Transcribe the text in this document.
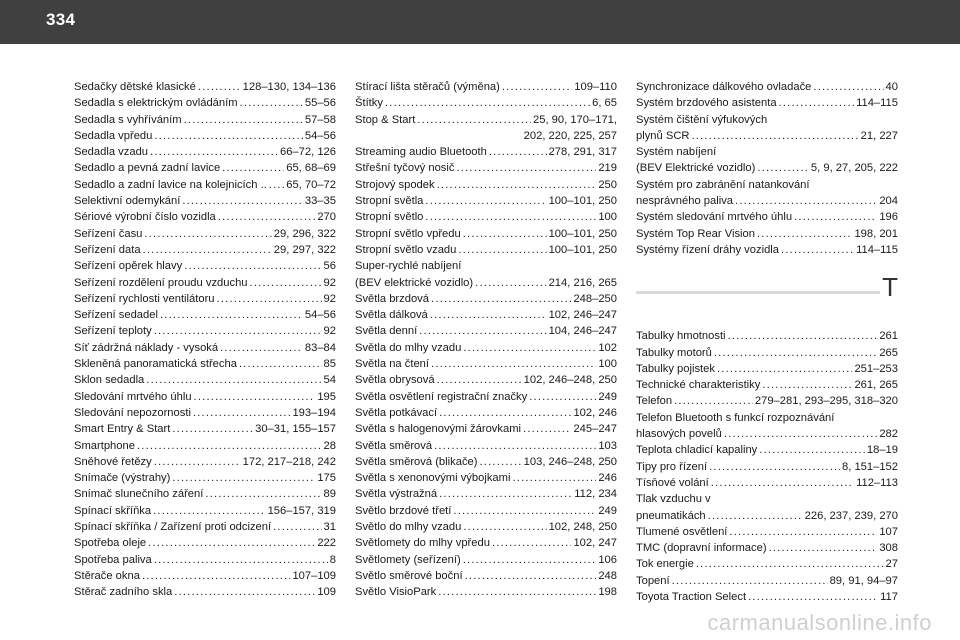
334
Sedačky dětské klasické .....	128–130, 134–136
Sedadla s elektrickým ovládáním .....	55–56
Sedadla s vyhříváním .....	57–58
Sedadla vpředu .....	54–56
Sedadla vzadu .....	66–72, 126
Sedadlo a pevná zadní lavice .....	65, 68–69
Sedadlo a zadní lavice na kolejnicích .. ..... 65, 70–72
Selektivní odemykání .....	33–35
Sériové výrobní číslo vozidla .....	270
Seřízení času .....	29, 296, 322
Seřízení data .....	29, 297, 322
Seřízení opěrek hlavy .....	56
Seřízení rozdělení proudu vzduchu .....	92
Seřízení rychlosti ventilátoru .....	92
Seřízení sedadel .....	54–56
Seřízení teploty .....	92
Síť zádržná náklady - vysoká .....	83–84
Skleněná panoramatická střecha .....	85
Sklon sedadla .....	54
Sledování mrtvého úhlu .....	195
Sledování nepozornosti .....	193–194
Smart Entry & Start .....	30–31, 155–157
Smartphone .....	28
Sněhové řetězy .....	172, 217–218, 242
Snímače (výstrahy) .....	175
Snímač slunečního záření .....	89
Spínací skříňka .....	156–157, 319
Spínací skříňka / Zařízení proti odcizení .....	31
Spotřeba oleje .....	222
Spotřeba paliva .....	8
Stěrače okna .....	107–109
Stěrač zadního skla .....	109
Stírací lišta stěračů (výměna) .....	109–110
Štítky .....	6, 65
Stop & Start .....	25, 90, 170–171,
202, 220, 225, 257
Streaming audio Bluetooth .....	278, 291, 317
Střešní tyčový nosič .....	219
Strojový spodek .....	250
Stropní světla .....	100–101, 250
Stropní světlo .....	100
Stropní světlo vpředu .....	100–101, 250
Stropní světlo vzadu .....	100–101, 250
Super-rychlé nabíjení
(BEV elektrické vozidlo) .....	214, 216, 265
Světla brzdová .....	248–250
Světla dálková .....	102, 246–247
Světla denní .....	104, 246–247
Světla do mlhy vzadu .....	102
Světla na čtení .....	100
Světla obrysová .....	102, 246–248, 250
Světla osvětlení registrační značky .....	249
Světla potkávací .....	102, 246
Světla s halogenovými žárovkami .....	245–247
Světla směrová .....	103
Světla směrová (blikače) .....	103, 246–248, 250
Světla s xenonovými výbojkami .....	246
Světla výstražná .....	112, 234
Světlo brzdové třetí .....	249
Světlo do mlhy vzadu .....	102, 248, 250
Světlomety do mlhy vpředu .....	102, 247
Světlomety (seřízení) .....	106
Světlo směrové boční .....	248
Světlo VisioPark .....	198
Synchronizace dálkového ovladače .....	40
Systém brzdového asistenta .....	114–115
Systém čištění výfukových
plynů SCR .....	21, 227
Systém nabíjení
(BEV Elektrické vozidlo) .....	5, 9, 27, 205, 222
Systém pro zabránění natankování
nesprávného paliva .....	204
Systém sledování mrtvého úhlu .....	196
Systém Top Rear Vision .....	198, 201
Systémy řízení dráhy vozidla .....	114–115
T
Tabulky hmotnosti .....	261
Tabulky motorů .....	265
Tabulky pojistek .....	251–253
Technické charakteristiky .....	261, 265
Telefon .....	279–281, 293–295, 318–320
Telefon Bluetooth s funkcí rozpoznávání
hlasových povelů .....	282
Teplota chladicí kapaliny .....	18–19
Tipy pro řízení .....	8, 151–152
Tísňové volání .....	112–113
Tlak vzduchu v
pneumatikách .....	226, 237, 239, 270
Tlumené osvětlení .....	107
TMC (dopravní informace) .....	308
Tok energie .....	27
Topení .....	89, 91, 94–97
Toyota Traction Select .....	117
carmanualsonline.info
